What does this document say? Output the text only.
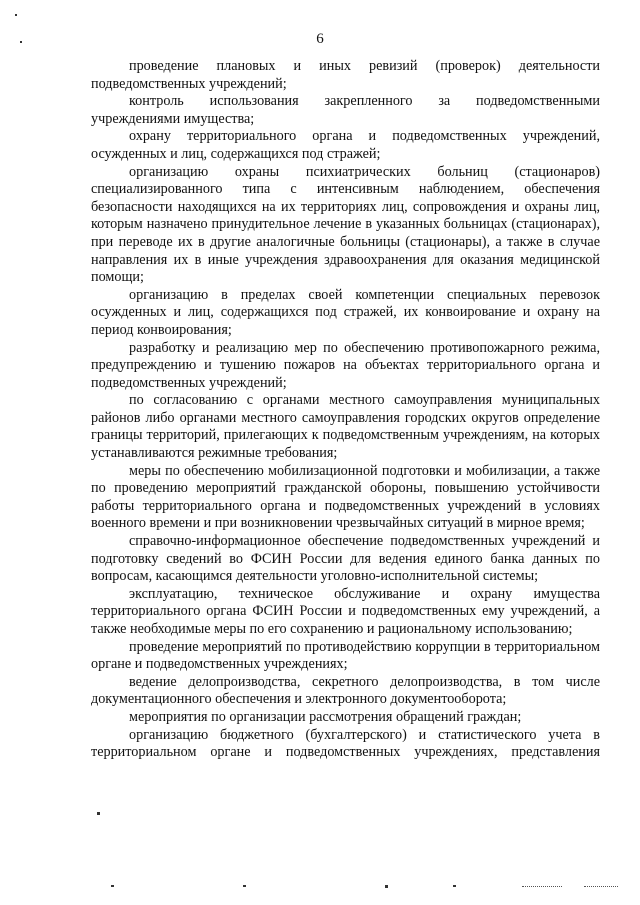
6

проведение плановых и иных ревизий (проверок) деятельности подведомственных учреждений;

контроль использования закрепленного за подведомственными учреждениями имущества;

охрану территориального органа и подведомственных учреждений, осужденных и лиц, содержащихся под стражей;

организацию охраны психиатрических больниц (стационаров) специализированного типа с интенсивным наблюдением, обеспечения безопасности находящихся на их территориях лиц, сопровождения и охраны лиц, которым назначено принудительное лечение в указанных больницах (стационарах), при переводе их в другие аналогичные больницы (стационары), а также в случае направления их в иные учреждения здравоохранения для оказания медицинской помощи;

организацию в пределах своей компетенции специальных перевозок осужденных и лиц, содержащихся под стражей, их конвоирование и охрану на период конвоирования;

разработку и реализацию мер по обеспечению противопожарного режима, предупреждению и тушению пожаров на объектах территориального органа и подведомственных учреждений;

по согласованию с органами местного самоуправления муниципальных районов либо органами местного самоуправления городских округов определение границы территорий, прилегающих к подведомственным учреждениям, на которых устанавливаются режимные требования;

меры по обеспечению мобилизационной подготовки и мобилизации, а также по проведению мероприятий гражданской обороны, повышению устойчивости работы территориального органа и подведомственных учреждений в условиях военного времени и при возникновении чрезвычайных ситуаций в мирное время;

справочно-информационное обеспечение подведомственных учреждений и подготовку сведений во ФСИН России для ведения единого банка данных по вопросам, касающимся деятельности уголовно-исполнительной системы;

эксплуатацию, техническое обслуживание и охрану имущества территориального органа ФСИН России и подведомственных ему учреждений, а также необходимые меры по его сохранению и рациональному использованию;

проведение мероприятий по противодействию коррупции в территориальном органе и подведомственных учреждениях;

ведение делопроизводства, секретного делопроизводства, в том числе документационного обеспечения и электронного документооборота;

мероприятия по организации рассмотрения обращений граждан;

организацию бюджетного (бухгалтерского) и статистического учета в территориальном органе и подведомственных учреждениях, представления
